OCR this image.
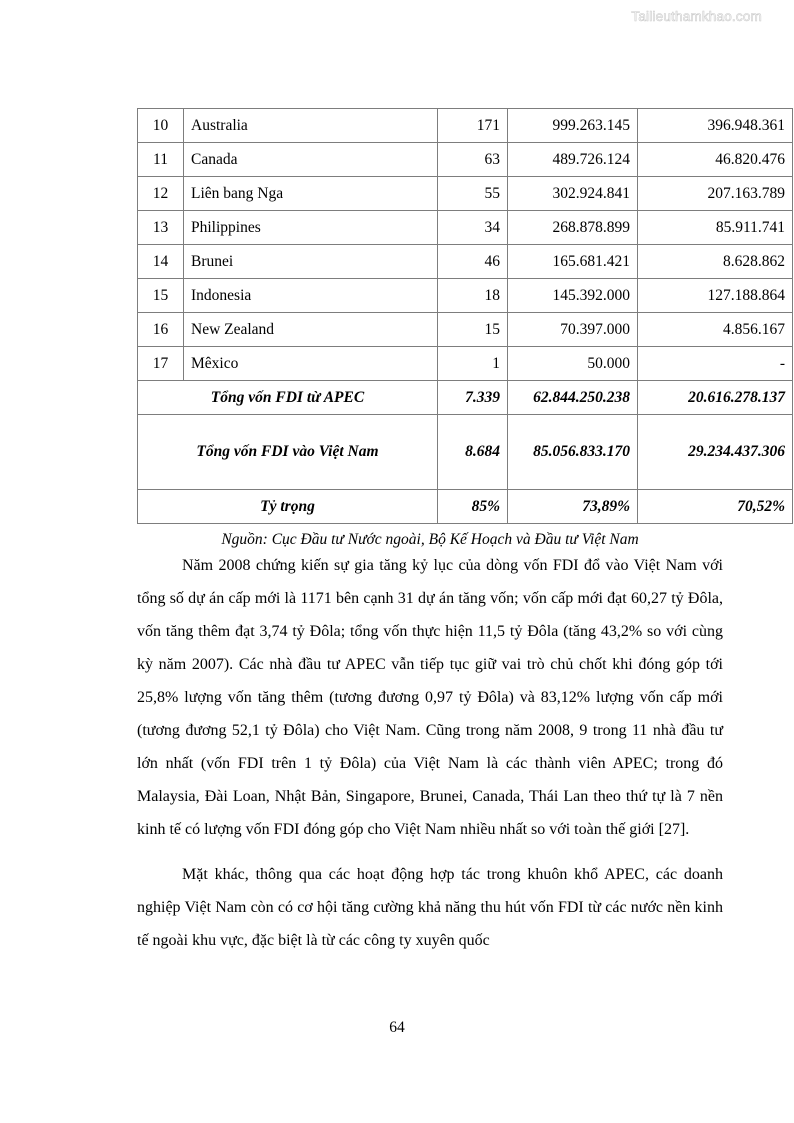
Tailieuthamkhao.com
10	Australia	171	999.263.145	396.948.361
11	Canada	63	489.726.124	46.820.476
12	Liên bang Nga	55	302.924.841	207.163.789
13	Philippines	34	268.878.899	85.911.741
14	Brunei	46	165.681.421	8.628.862
15	Indonesia	18	145.392.000	127.188.864
16	New Zealand	15	70.397.000	4.856.167
17	Mêxico	1	50.000	-
Tổng vốn FDI từ APEC		7.339	62.844.250.238	20.616.278.137
Tổng vốn FDI vào Việt Nam		8.684	85.056.833.170	29.234.437.306
Tỷ trọng		85%	73,89%	70,52%
Nguồn: Cục Đầu tư Nước ngoài, Bộ Kế Hoạch và Đầu tư Việt Nam

Năm 2008 chứng kiến sự gia tăng kỷ lục của dòng vốn FDI đổ vào Việt Nam với tổng số dự án cấp mới là 1171 bên cạnh 31 dự án tăng vốn; vốn cấp mới đạt 60,27 tỷ Đôla, vốn tăng thêm đạt 3,74 tỷ Đôla; tổng vốn thực hiện 11,5 tỷ Đôla (tăng 43,2% so với cùng kỳ năm 2007). Các nhà đầu tư APEC vẫn tiếp tục giữ vai trò chủ chốt khi đóng góp tới 25,8% lượng vốn tăng thêm (tương đương 0,97 tỷ Đôla) và 83,12% lượng vốn cấp mới (tương đương 52,1 tỷ Đôla) cho Việt Nam. Cũng trong năm 2008, 9 trong 11 nhà đầu tư lớn nhất (vốn FDI trên 1 tỷ Đôla) của Việt Nam là các thành viên APEC; trong đó Malaysia, Đài Loan, Nhật Bản, Singapore, Brunei, Canada, Thái Lan theo thứ tự là 7 nền kinh tế có lượng vốn FDI đóng góp cho Việt Nam nhiều nhất so với toàn thế giới [27].

Mặt khác, thông qua các hoạt động hợp tác trong khuôn khổ APEC, các doanh nghiệp Việt Nam còn có cơ hội tăng cường khả năng thu hút vốn FDI từ các nước nền kinh tế ngoài khu vực, đặc biệt là từ các công ty xuyên quốc

64
